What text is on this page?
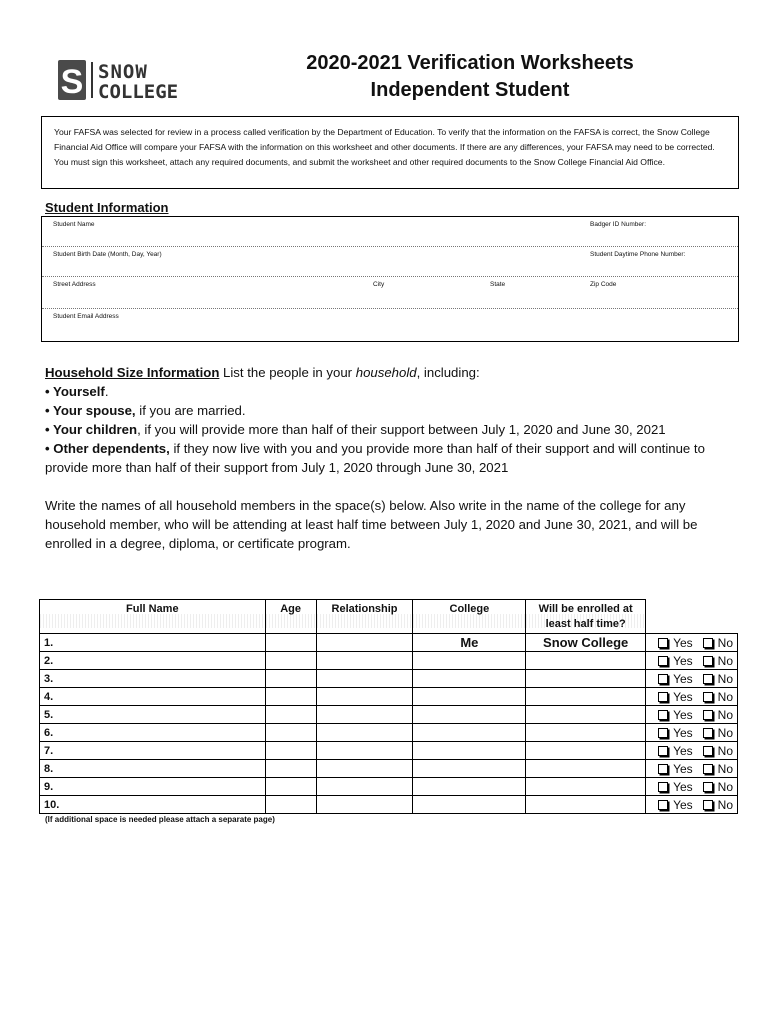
S SNOW
COLLEGE
2020-2021 Verification Worksheets
Independent Student
Your FAFSA was selected for review in a process called verification by the Department of Education. To verify that the information on the FAFSA is correct, the Snow College Financial Aid Office will compare your FAFSA with the information on this worksheet and other documents. If there are any differences, your FAFSA may need to be corrected. You must sign this worksheet, attach any required documents, and submit the worksheet and other required documents to the Snow College Financial Aid Office.
Student Information
Student Name	Badger ID Number:
Student Birth Date (Month, Day, Year)	Student Daytime Phone Number:
Street Address	City	State	Zip Code
Student Email Address

Household Size Information List the people in your household, including:

• Yourself.

• Your spouse, if you are married.

• Your children, if you will provide more than half of their support between July 1, 2020 and June 30, 2021

• Other dependents, if they now live with you and you provide more than half of their support and will continue to provide more than half of their support from July 1, 2020 through June 30, 2021

Write the names of all household members in the space(s) below. Also write in the name of the college for any household member, who will be attending at least half time between July 1, 2020 and June 30, 2021, and will be enrolled in a degree, diploma, or certificate program.
Full Name	Age	Relationship	College	Will be enrolled at least half time?	
1.			Me	Snow College	Yes No
2.					Yes No
3.					Yes No
4.					Yes No
5.					Yes No
6.					Yes No
7.					Yes No
8.					Yes No
9.					Yes No
10.					Yes No
(If additional space is needed please attach a separate page)
